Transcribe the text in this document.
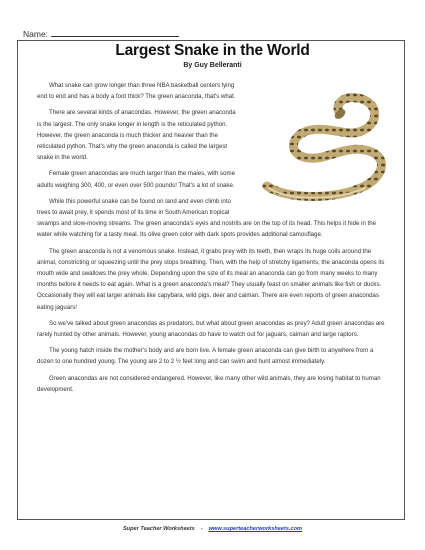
Name:
Largest Snake in the World
By Guy Belleranti

What snake can grow longer than three NBA basketball centers lying end to end and has a body a foot thick? The green anaconda, that's what.

There are several kinds of anacondas. However, the green anaconda is the largest. The only snake longer in length is the reticulated python. However, the green anaconda is much thicker and heavier than the reticulated python. That's why the green anaconda is called the largest snake in the world.

Female green anacondas are much larger than the males, with some adults weighing 300, 400, or even over 500 pounds! That's a lot of snake.

While this powerful snake can be found on land and even climb into trees to await prey, it spends most of its time in South American tropical swamps and slow-moving streams. The green anaconda's eyes and nostrils are on the top of its head. This helps it hide in the water while watching for a tasty meal. Its olive green color with dark spots provides additional camouflage.

The green anaconda is not a venomous snake. Instead, it grabs prey with its teeth, then wraps its huge coils around the animal, constricting or squeezing until the prey stops breathing. Then, with the help of stretchy ligaments, the anaconda opens its mouth wide and swallows the prey whole. Depending upon the size of its meal an anaconda can go from many weeks to many months before it needs to eat again. What is a green anaconda's meal? They usually feast on smaller animals like fish or ducks. Occasionally they will eat larger animals like capybara, wild pigs, deer and caiman. There are even reports of green anacondas eating jaguars!

So we've talked about green anacondas as predators, but what about green anacondas as prey? Adult green anacondas are rarely hunted by other animals. However, young anacondas do have to watch out for jaguars, caiman and large raptors.

The young hatch inside the mother's body and are born live. A female green anaconda can give birth to anywhere from a dozen to one hundred young. The young are 2 to 2 ½ feet long and can swim and hunt almost immediately.

Green anacondas are not considered endangered. However, like many other wild animals, they are losing habitat to human development.

Super Teacher Worksheets - www.superteacherworksheets.com
